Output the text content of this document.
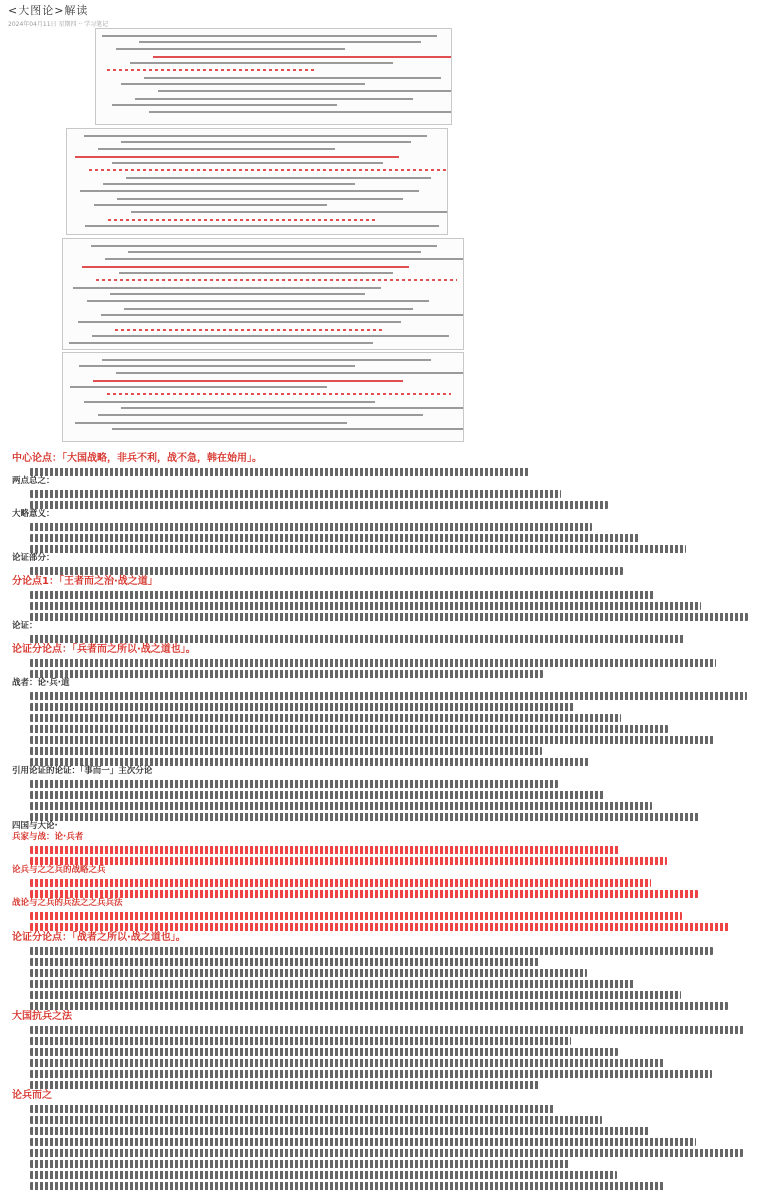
<大图论>解读
2024年04月11日 星期四 ·· 学习笔记
中心论点：「大国战略，非兵不利，战不急，韩在始用」。
两点总之：
大略意义：
论证部分：
分论点1：「王者而之治·战之道」
论证：
论证分论点：「兵者而之所以·战之道也」。
战者：论·兵·道
引用论证的论证：「事而一」主次分论
四国与大论·
兵家与战：论·兵者
论兵与之之兵的战略之兵
战论与之兵的兵法之之兵兵法
论证分论点：「战者之所以·战之道也」。
大国抗兵之法
论兵而之
